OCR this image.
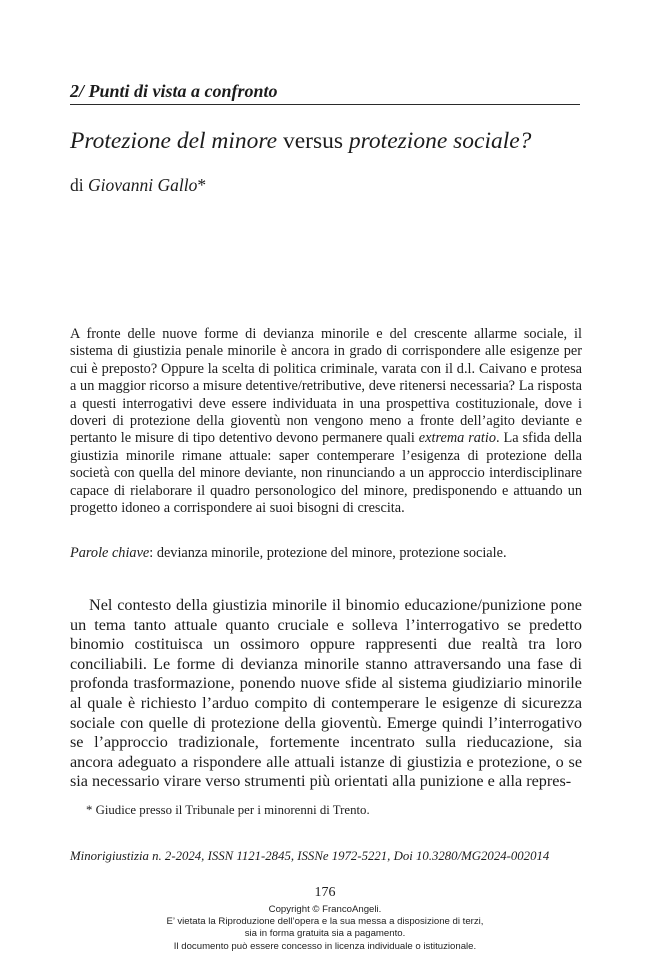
2/ Punti di vista a confronto
Protezione del minore versus protezione sociale?
di Giovanni Gallo*

A fronte delle nuove forme di devianza minorile e del crescente allarme sociale, il sistema di giustizia penale minorile è ancora in grado di corrispondere alle esigenze per cui è preposto? Oppure la scelta di politica criminale, varata con il d.l. Caivano e protesa a un maggior ricorso a misure detentive/retributive, deve ritenersi necessaria? La risposta a questi interrogativi deve essere individuata in una prospettiva costituzionale, dove i doveri di protezione della gioventù non vengono meno a fronte dell’agito deviante e pertanto le misure di tipo detentivo devono permanere quali extrema ratio. La sfida della giustizia minorile rimane attuale: saper contemperare l’esigenza di protezione della società con quella del minore deviante, non rinunciando a un approccio interdisciplinare capace di rielaborare il quadro personologico del minore, predisponendo e attuando un progetto idoneo a corrispondere ai suoi bisogni di crescita.

Parole chiave: devianza minorile, protezione del minore, protezione sociale.

Nel contesto della giustizia minorile il binomio educazione/punizione pone un tema tanto attuale quanto cruciale e solleva l’interrogativo se predetto binomio costituisca un ossimoro oppure rappresenti due realtà tra loro conciliabili. Le forme di devianza minorile stanno attraversando una fase di profonda trasformazione, ponendo nuove sfide al sistema giudiziario minorile al quale è richiesto l’arduo compito di contemperare le esigenze di sicurezza sociale con quelle di protezione della gioventù. Emerge quindi l’interrogativo se l’approccio tradizionale, fortemente incentrato sulla rieducazione, sia ancora adeguato a rispondere alle attuali istanze di giustizia e protezione, o se sia necessario virare verso strumenti più orientati alla punizione e alla repres-

* Giudice presso il Tribunale per i minorenni di Trento.
Minorigiustizia n. 2-2024, ISSN 1121-2845, ISSNe 1972-5221, Doi 10.3280/MG2024-002014
176
Copyright © FrancoAngeli.
E’ vietata la Riproduzione dell’opera e la sua messa a disposizione di terzi,
sia in forma gratuita sia a pagamento.
Il documento può essere concesso in licenza individuale o istituzionale.
